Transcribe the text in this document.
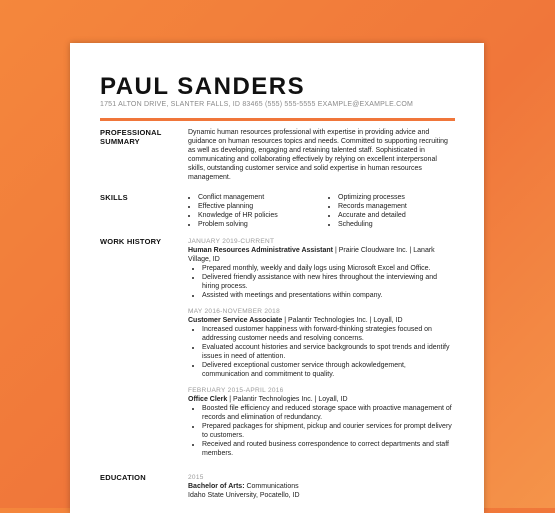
PAUL SANDERS
1751 ALTON DRIVE, SLANTER FALLS, ID 83465 (555) 555-5555 EXAMPLE@EXAMPLE.COM
PROFESSIONAL SUMMARY
Dynamic human resources professional with expertise in providing advice and guidance on human resources topics and needs. Committed to supporting recruiting as well as developing, engaging and retaining talented staff. Sophisticated in communicating and collaborating effectively by relying on excellent interpersonal skills, outstanding customer service and solid expertise in human resources management.
SKILLS
•	Conflict management
• Effective planning
• Knowledge of HR policies
• Problem solving
• Optimizing processes
• Records management
• Accurate and detailed
• Scheduling
WORK HISTORY	JANUARY 2019-CURRENT
Human Resources Administrative Assistant | Prairie Cloudware Inc. | Lanark Village, ID
• Prepared monthly, weekly and daily logs using Microsoft Excel and Office.
• Delivered friendly assistance with new hires throughout the interviewing and hiring process.
• Assisted with meetings and presentations within company.
MAY 2016-NOVEMBER 2018
Customer Service Associate | Palantir Technologies Inc. | Loyall, ID
• Increased customer happiness with forward-thinking strategies focused on addressing customer needs and resolving concerns.
• Evaluated account histories and service backgrounds to spot trends and identify issues in need of attention.
• Delivered exceptional customer service through ackowledgement, communication and commitment to quality.
FEBRUARY 2015-APRIL 2016
Office Clerk | Palantir Technologies Inc. | Loyall, ID
• Boosted file efficiency and reduced storage space with proactive management of records and elimination of redundancy.
• Prepared packages for shipment, pickup and courier services for prompt delivery to customers.
• Received and routed business correspondence to correct departments and staff members.
EDUCATION	2015
Bachelor of Arts: Communications
Idaho State University, Pocatello, ID
